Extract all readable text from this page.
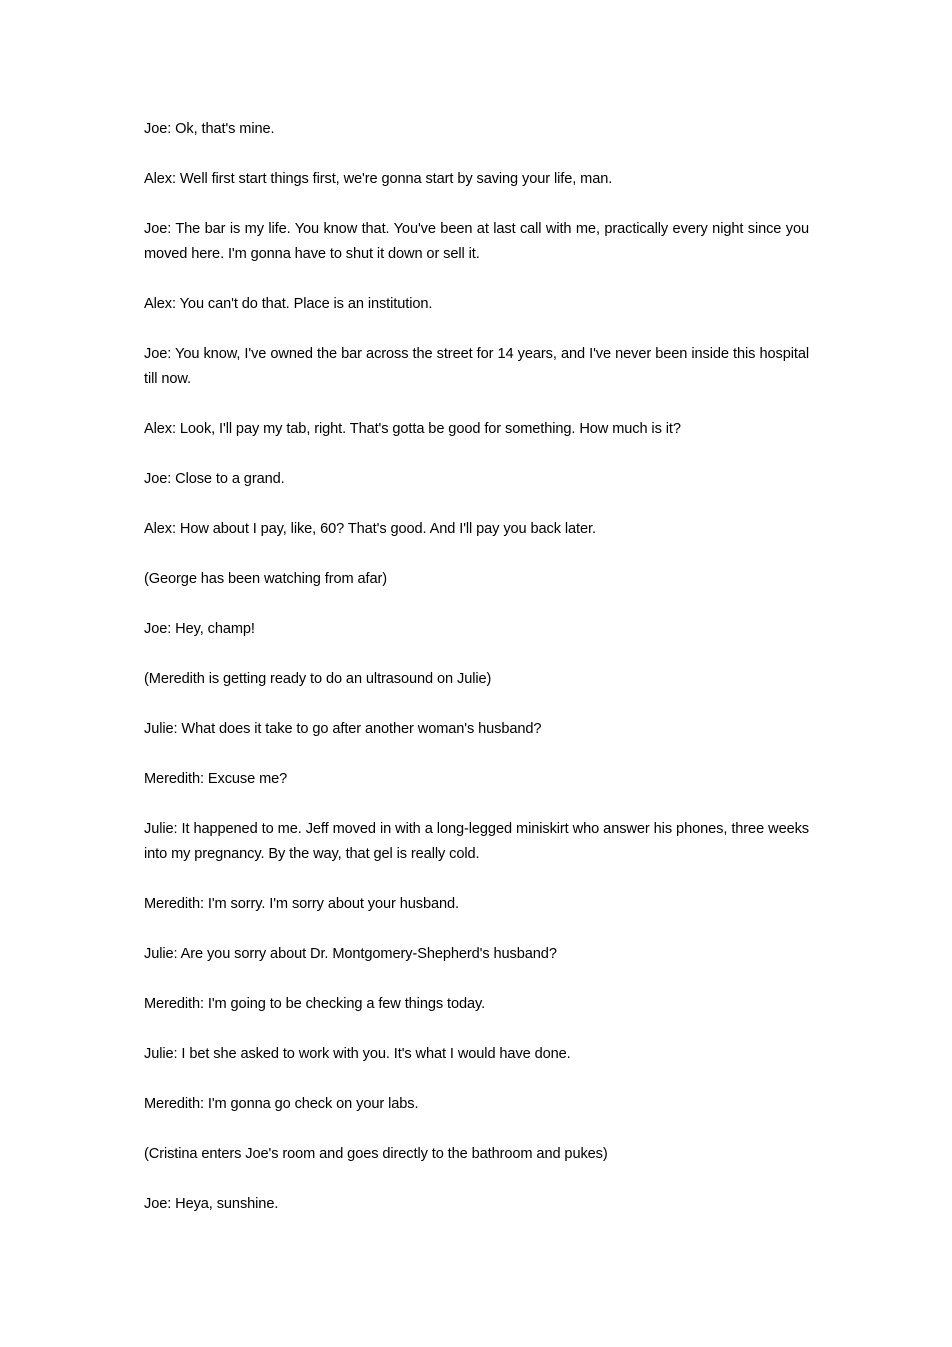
Joe: Ok, that's mine.

Alex: Well first start things first, we're gonna start by saving your life, man.

Joe: The bar is my life. You know that. You've been at last call with me, practically every night since you moved here. I'm gonna have to shut it down or sell it.

Alex: You can't do that. Place is an institution.

Joe: You know, I've owned the bar across the street for 14 years, and I've never been inside this hospital till now.

Alex: Look, I'll pay my tab, right. That's gotta be good for something. How much is it?

Joe: Close to a grand.

Alex: How about I pay, like, 60? That's good. And I'll pay you back later.

(George has been watching from afar)

Joe: Hey, champ!

(Meredith is getting ready to do an ultrasound on Julie)

Julie: What does it take to go after another woman's husband?

Meredith: Excuse me?

Julie: It happened to me. Jeff moved in with a long-legged miniskirt who answer his phones, three weeks into my pregnancy. By the way, that gel is really cold.

Meredith: I'm sorry. I'm sorry about your husband.

Julie: Are you sorry about Dr. Montgomery-Shepherd's husband?

Meredith: I'm going to be checking a few things today.

Julie: I bet she asked to work with you. It's what I would have done.

Meredith: I'm gonna go check on your labs.

(Cristina enters Joe's room and goes directly to the bathroom and pukes)

Joe: Heya, sunshine.
